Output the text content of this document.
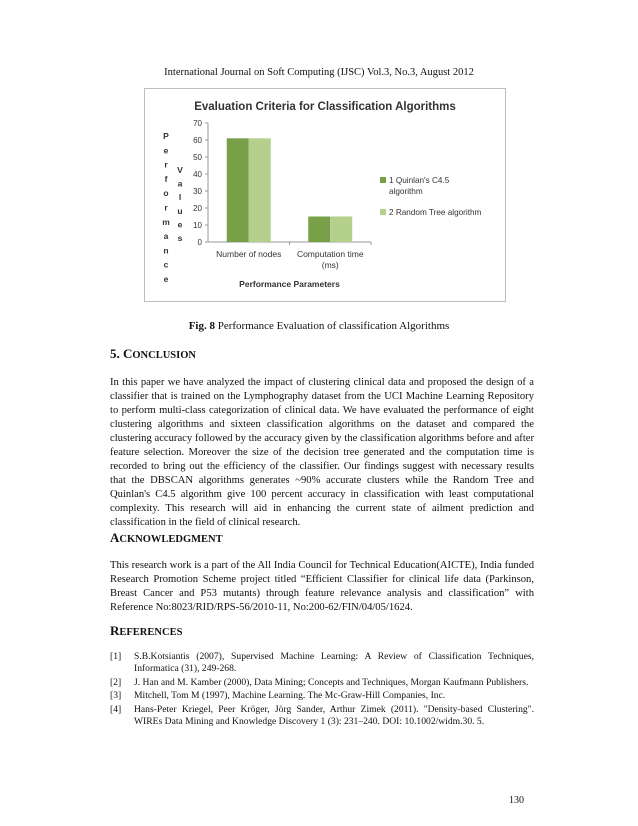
International Journal on Soft Computing (IJSC) Vol.3, No.3, August 2012
Evaluation Criteria for Classification Algorithms
P
e
r
f
o
r
m
a
n
c
e
V
a
l
u
e
s 0
10
20
30
40
50
60
70
Number of nodes Computation time
(ms)
Performance Parameters
1 Quinlan's C4.5
algorithm
2 Random Tree algorithm
Fig. 8 Performance Evaluation of classification Algorithms
5. CONCLUSION

In this paper we have analyzed the impact of clustering clinical data and proposed the design of a classifier that is trained on the Lymphography dataset from the UCI Machine Learning Repository to perform multi-class categorization of clinical data. We have evaluated the performance of eight clustering algorithms and sixteen classification algorithms on the dataset and compared the clustering accuracy followed by the accuracy given by the classification algorithms before and after feature selection. Moreover the size of the decision tree generated and the computation time is recorded to bring out the efficiency of the classifier. Our findings suggest with necessary results that the DBSCAN algorithms generates ~90% accurate clusters while the Random Tree and Quinlan's C4.5 algorithm give 100 percent accuracy in classification with least computational complexity. This research will aid in enhancing the current state of ailment prediction and classification in the field of clinical research.

ACKNOWLEDGMENT

This research work is a part of the All India Council for Technical Education(AICTE), India funded Research Promotion Scheme project titled “Efficient Classifier for clinical life data (Parkinson, Breast Cancer and P53 mutants) through feature relevance analysis and classification” with Reference No:8023/RID/RPS-56/2010-11, No:200-62/FIN/04/05/1624.

REFERENCES
[1] S.B.Kotsiantis (2007), Supervised Machine Learning: A Review of Classification Techniques, Informatica (31), 249-268.
[2] J. Han and M. Kamber (2000), Data Mining; Concepts and Techniques, Morgan Kaufmann Publishers.
[3] Mitchell, Tom M (1997), Machine Learning. The Mc-Graw-Hill Companies, Inc.
[4] Hans-Peter Kriegel, Peer Kröger, Jörg Sander, Arthur Zimek (2011). "Density-based Clustering". WIREs Data Mining and Knowledge Discovery 1 (3): 231–240. DOI: 10.1002/widm.30. 5.
130
